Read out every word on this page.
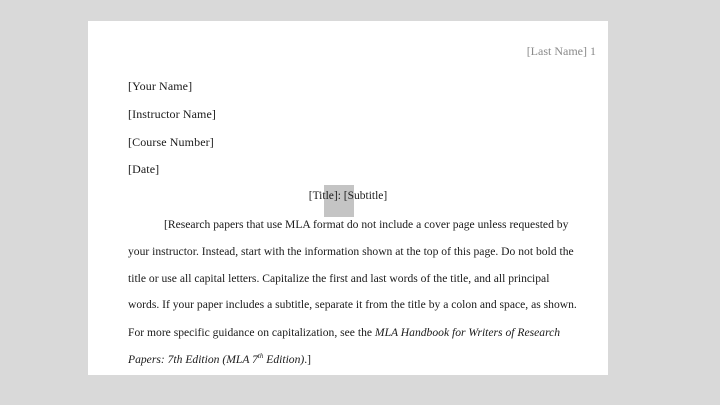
[Last Name] 1
[Your Name]
[Instructor Name]
[Course Number]
[Date]
[Title]: [Subtitle]
[Research papers that use MLA format do not include a cover page unless requested by
your instructor. Instead, start with the information shown at the top of this page. Do not bold the
title or use all capital letters. Capitalize the first and last words of the title, and all principal
words. If your paper includes a subtitle, separate it from the title by a colon and space, as shown.
For more specific guidance on capitalization, see the MLA Handbook for Writers of Research
Papers: 7th Edition (MLA 7th Edition).]
